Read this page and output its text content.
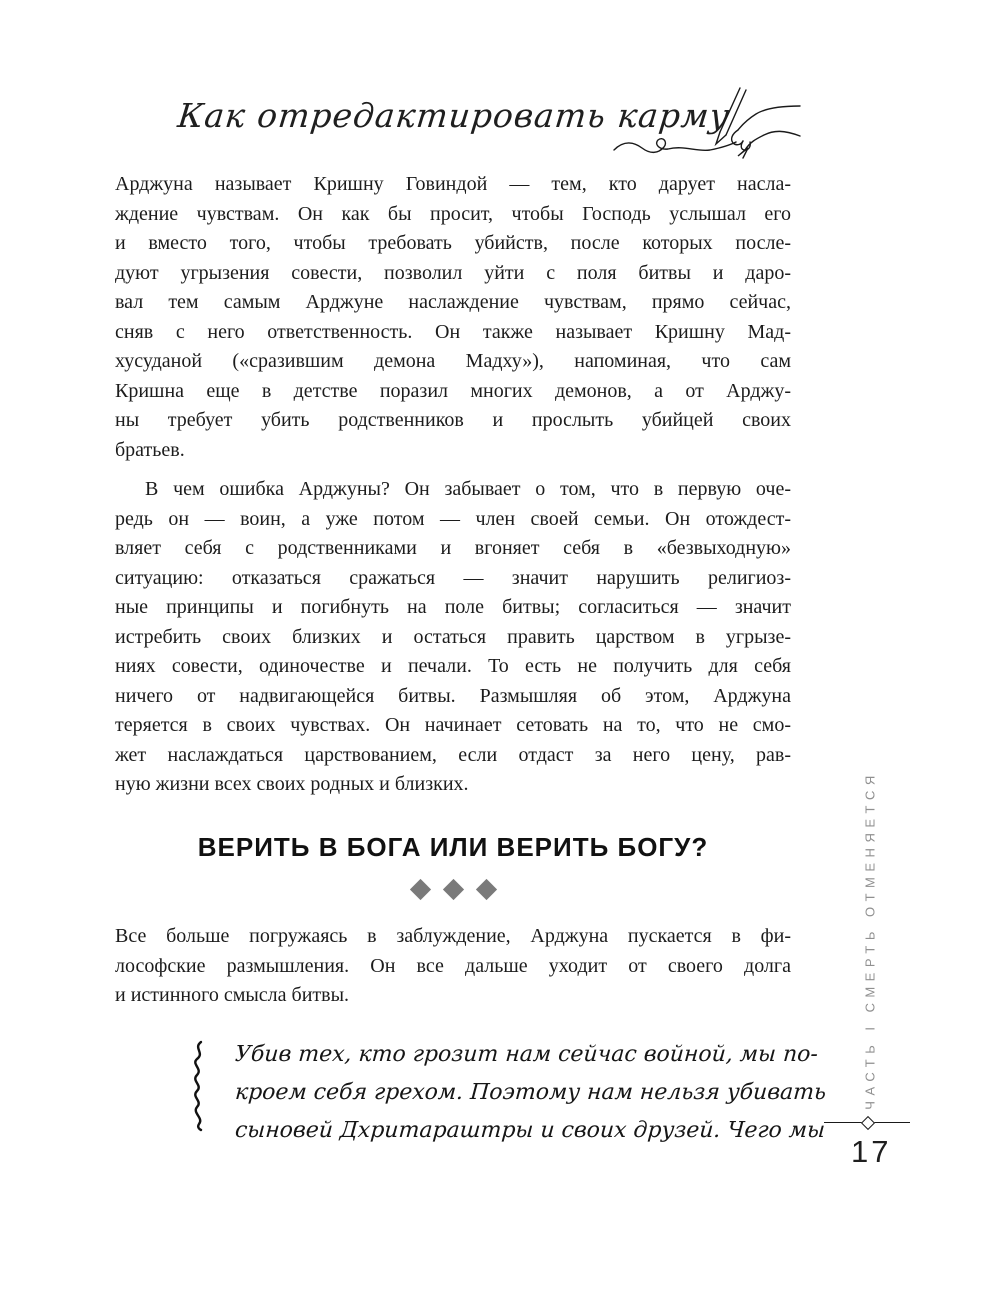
Как отредактировать карму
Арджуна называет Кришну Говиндой — тем, кто дарует насла-
ждение чувствам. Он как бы просит, чтобы Господь услышал его
и вместо того, чтобы требовать убийств, после которых после-
дуют угрызения совести, позволил уйти с поля битвы и даро-
вал тем самым Арджуне наслаждение чувствам, прямо сейчас,
сняв с него ответственность. Он также называет Кришну Мад-
хусуданой («сразившим демона Мадху»), напоминая, что сам
Кришна еще в детстве поразил многих демонов, а от Арджу-
ны требует убить родственников и прослыть убийцей своих
братьев.
В чем ошибка Арджуны? Он забывает о том, что в первую оче-
редь он — воин, а уже потом — член своей семьи. Он отождест-
вляет себя с родственниками и вгоняет себя в «безвыходную»
ситуацию: отказаться сражаться — значит нарушить религиоз-
ные принципы и погибнуть на поле битвы; согласиться — значит
истребить своих близких и остаться править царством в угрызе-
ниях совести, одиночестве и печали. То есть не получить для себя
ничего от надвигающейся битвы. Размышляя об этом, Арджуна
теряется в своих чувствах. Он начинает сетовать на то, что не смо-
жет наслаждаться царствованием, если отдаст за него цену, рав-
ную жизни всех своих родных и близких.
ВЕРИТЬ В БОГА ИЛИ ВЕРИТЬ БОГУ?

Все больше погружаясь в заблуждение, Арджуна пускается в фи-
лософские размышления. Он все дальше уходит от своего долга
и истинного смысла битвы.
Убив тех, кто грозит нам сейчас войной, мы по-
кроем себя грехом. Поэтому нам нельзя убивать
сыновей Дхритараштры и своих друзей. Чего мы
ЧАСТЬ I СМЕРТЬ ОТМЕНЯЕТСЯ
17
